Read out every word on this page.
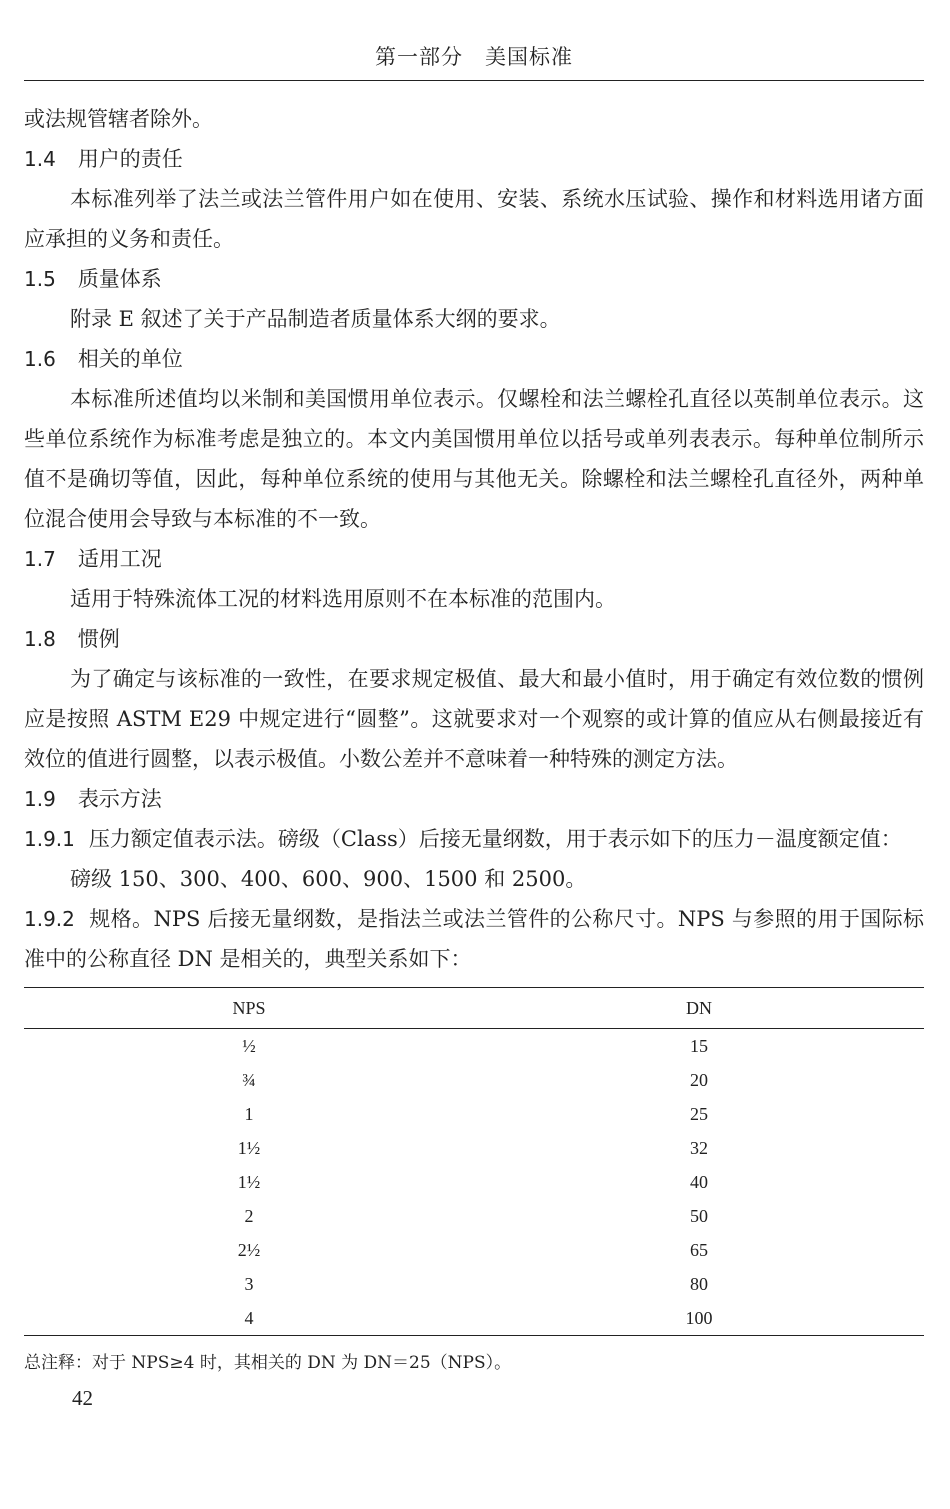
第一部分　美国标准

或法规管辖者除外。

1.4 用户的责任

本标准列举了法兰或法兰管件用户如在使用、安装、系统水压试验、操作和材料选用诸方面应承担的义务和责任。

1.5 质量体系

附录 E 叙述了关于产品制造者质量体系大纲的要求。

1.6 相关的单位

本标准所述值均以米制和美国惯用单位表示。仅螺栓和法兰螺栓孔直径以英制单位表示。这些单位系统作为标准考虑是独立的。本文内美国惯用单位以括号或单列表表示。每种单位制所示值不是确切等值，因此，每种单位系统的使用与其他无关。除螺栓和法兰螺栓孔直径外，两种单位混合使用会导致与本标准的不一致。

1.7 适用工况

适用于特殊流体工况的材料选用原则不在本标准的范围内。

1.8 惯例

为了确定与该标准的一致性，在要求规定极值、最大和最小值时，用于确定有效位数的惯例应是按照 ASTM E29 中规定进行“圆整”。这就要求对一个观察的或计算的值应从右侧最接近有效位的值进行圆整，以表示极值。小数公差并不意味着一种特殊的测定方法。

1.9 表示方法

1.9.1 压力额定值表示法。磅级（Class）后接无量纲数，用于表示如下的压力－温度额定值：

磅级 150、300、400、600、900、1500 和 2500。

1.9.2 规格。NPS 后接无量纲数，是指法兰或法兰管件的公称尺寸。NPS 与参照的用于国际标准中的公称直径 DN 是相关的，典型关系如下：

NPS	DN
½	15
¾	20
1	25
1½	32
1½	40
2	50
2½	65
3	80
4	100
总注释：对于 NPS≥4 时，其相关的 DN 为 DN＝25（NPS）。
42
